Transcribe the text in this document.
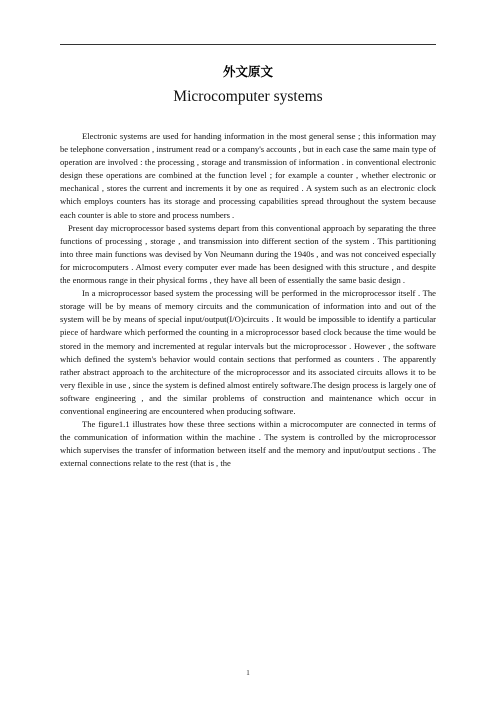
外文原文
Microcomputer systems

Electronic systems are used for handing information in the most general sense ; this information may be telephone conversation , instrument read or a company's accounts , but in each case the same main type of operation are involved : the processing , storage and transmission of information . in conventional electronic design these operations are combined at the function level ; for example a counter , whether electronic or mechanical , stores the current and increments it by one as required . A system such as an electronic clock which employs counters has its storage and processing capabilities spread throughout the system because each counter is able to store and process numbers .

Present day microprocessor based systems depart from this conventional approach by separating the three functions of processing , storage , and transmission into different section of the system . This partitioning into three main functions was devised by Von Neumann during the 1940s , and was not conceived especially for microcomputers . Almost every computer ever made has been designed with this structure , and despite the enormous range in their physical forms , they have all been of essentially the same basic design .

In a microprocessor based system the processing will be performed in the microprocessor itself . The storage will be by means of memory circuits and the communication of information into and out of the system will be by means of special input/output(I/O)circuits . It would be impossible to identify a particular piece of hardware which performed the counting in a microprocessor based clock because the time would be stored in the memory and incremented at regular intervals but the microprocessor . However , the software which defined the system's behavior would contain sections that performed as counters . The apparently rather abstract approach to the architecture of the microprocessor and its associated circuits allows it to be very flexible in use , since the system is defined almost entirely software.The design process is largely one of software engineering , and the similar problems of construction and maintenance which occur in conventional engineering are encountered when producing software.

The figure1.1 illustrates how these three sections within a microcomputer are connected in terms of the communication of information within the machine . The system is controlled by the microprocessor which supervises the transfer of information between itself and the memory and input/output sections . The external connections relate to the rest (that is , the

1
